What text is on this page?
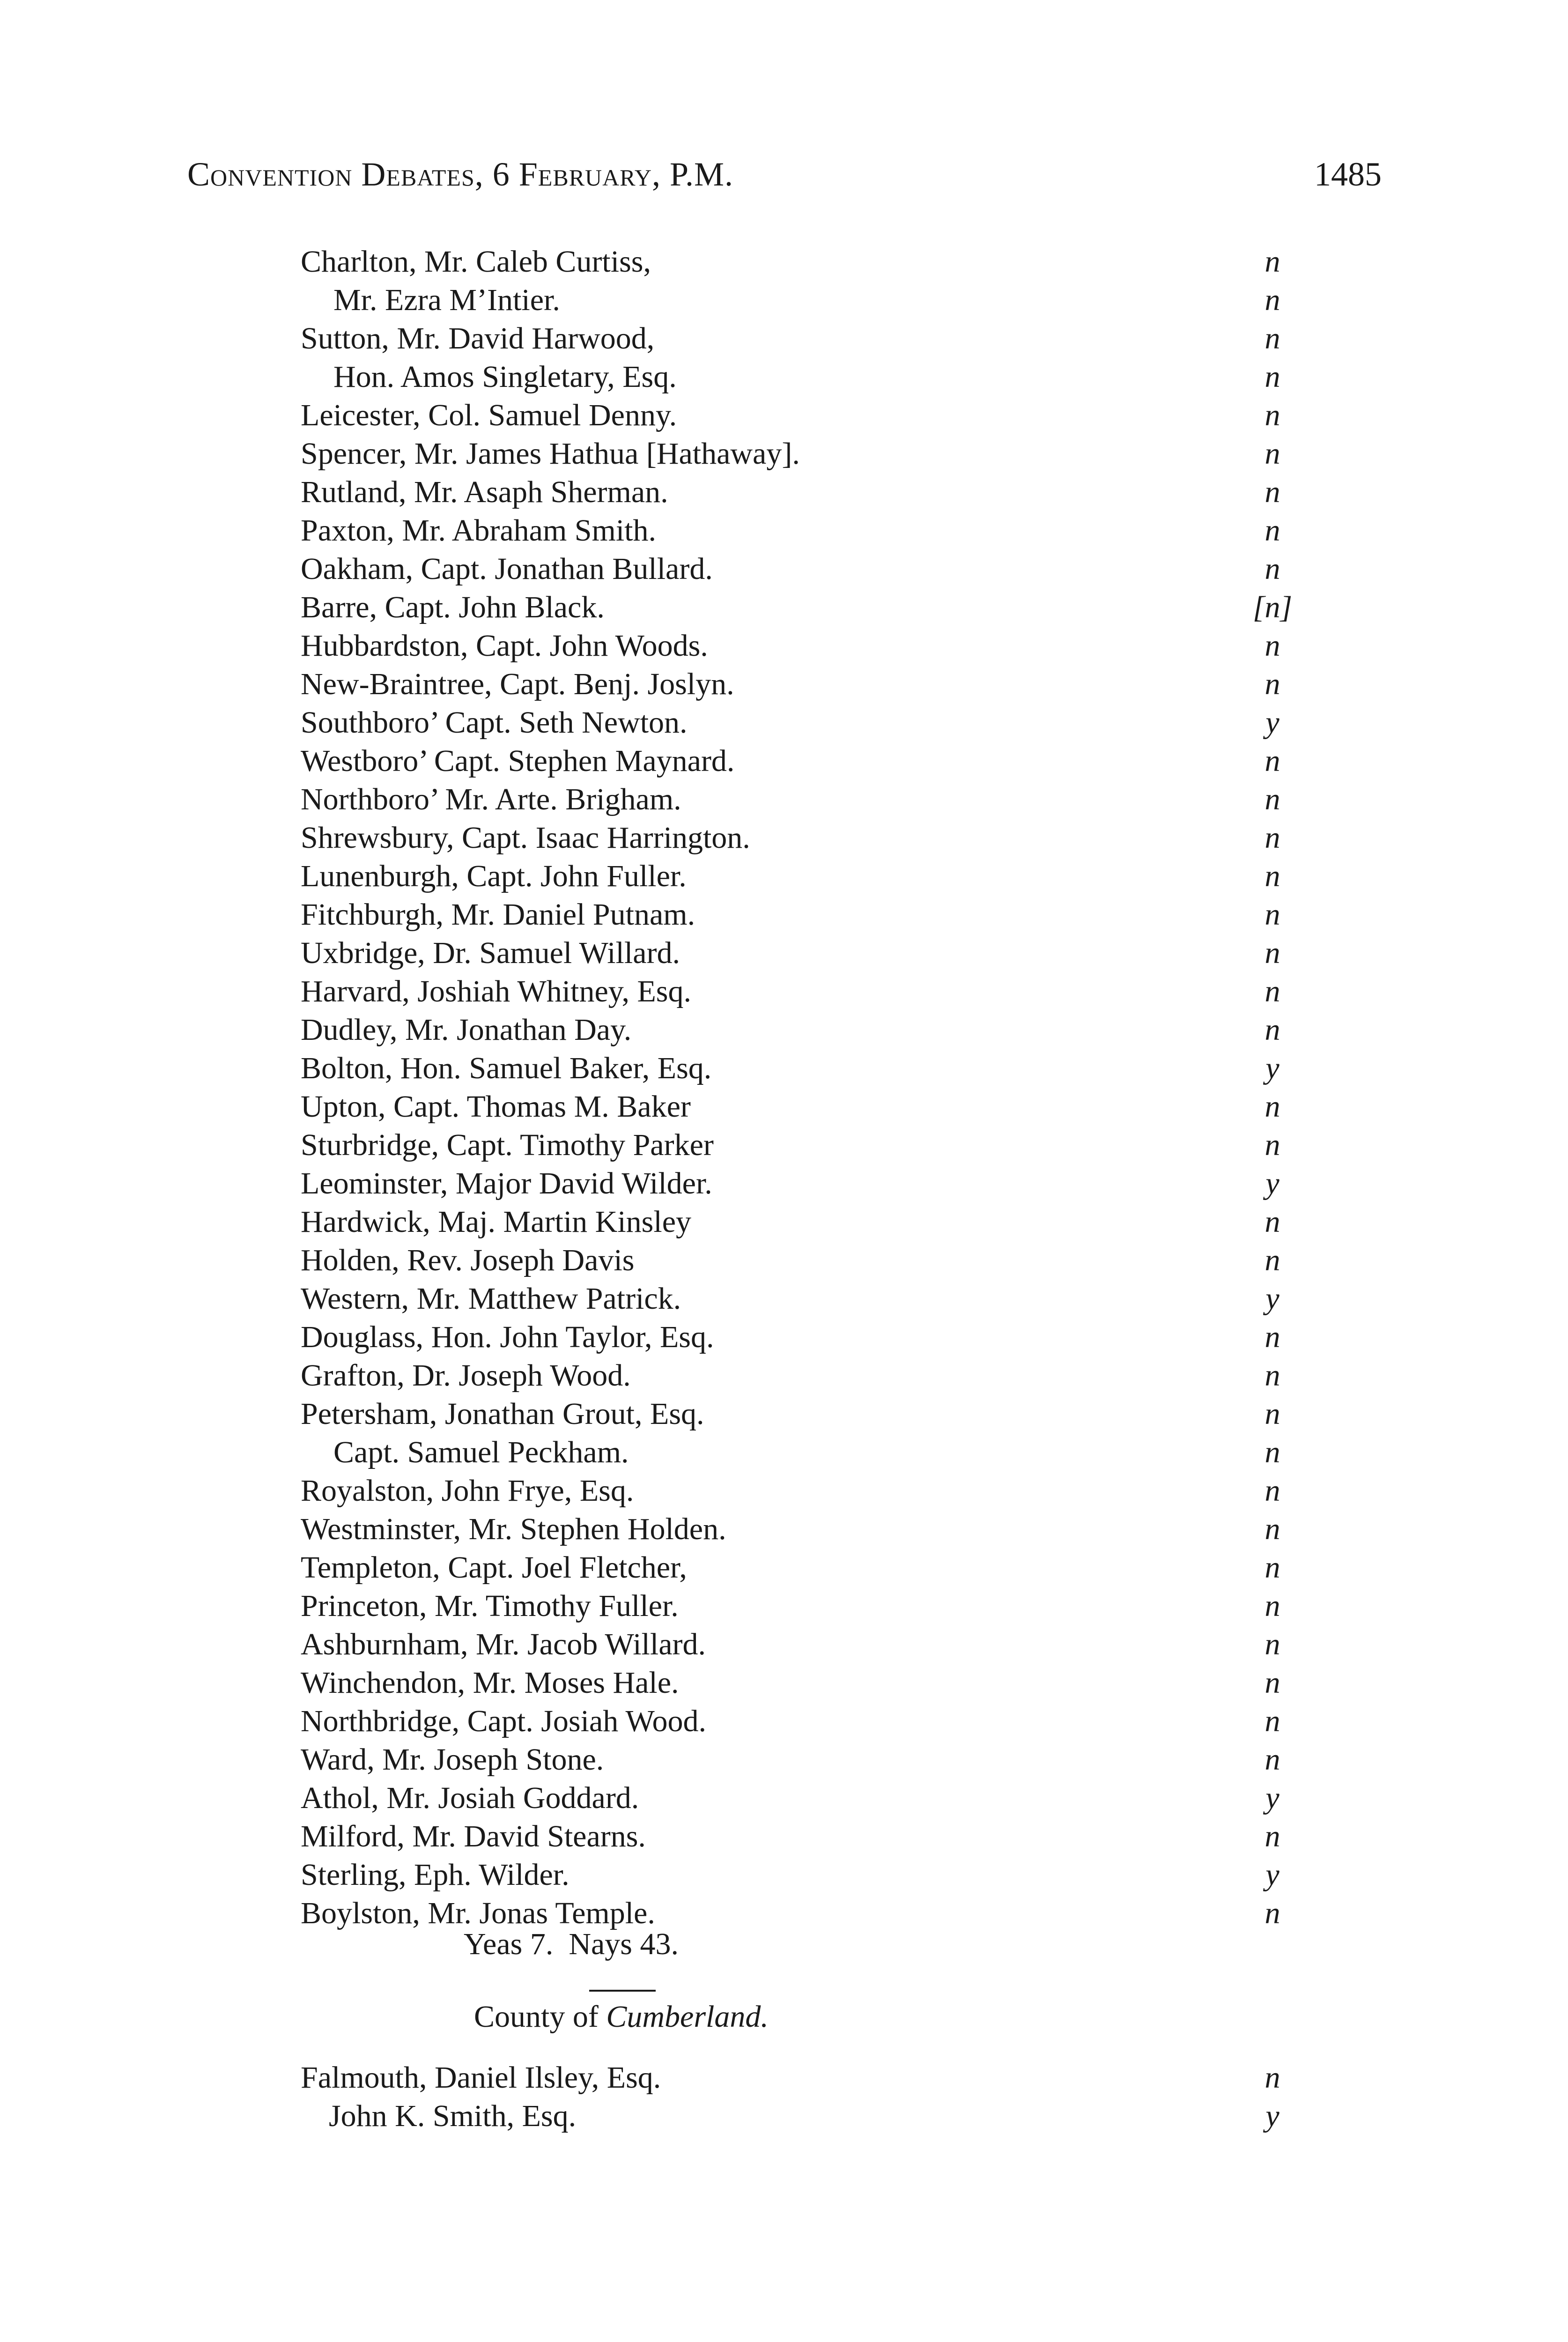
Convention Debates, 6 February, P.M.	1485
Charlton, Mr. Caleb Curtiss,	n
Mr. Ezra M’Intier.	n
Sutton, Mr. David Harwood,	n
Hon. Amos Singletary, Esq.	n
Leicester, Col. Samuel Denny.	n
Spencer, Mr. James Hathua [Hathaway].	n
Rutland, Mr. Asaph Sherman.	n
Paxton, Mr. Abraham Smith.	n
Oakham, Capt. Jonathan Bullard.	n
Barre, Capt. John Black.	[n]
Hubbardston, Capt. John Woods.	n
New-Braintree, Capt. Benj. Joslyn.	n
Southboro’ Capt. Seth Newton.	y
Westboro’ Capt. Stephen Maynard.	n
Northboro’ Mr. Arte. Brigham.	n
Shrewsbury, Capt. Isaac Harrington.	n
Lunenburgh, Capt. John Fuller.	n
Fitchburgh, Mr. Daniel Putnam.	n
Uxbridge, Dr. Samuel Willard.	n
Harvard, Joshiah Whitney, Esq.	n
Dudley, Mr. Jonathan Day.	n
Bolton, Hon. Samuel Baker, Esq.	y
Upton, Capt. Thomas M. Baker	n
Sturbridge, Capt. Timothy Parker	n
Leominster, Major David Wilder.	y
Hardwick, Maj. Martin Kinsley	n
Holden, Rev. Joseph Davis	n
Western, Mr. Matthew Patrick.	y
Douglass, Hon. John Taylor, Esq.	n
Grafton, Dr. Joseph Wood.	n
Petersham, Jonathan Grout, Esq.	n
Capt. Samuel Peckham.	n
Royalston, John Frye, Esq.	n
Westminster, Mr. Stephen Holden.	n
Templeton, Capt. Joel Fletcher,	n
Princeton, Mr. Timothy Fuller.	n
Ashburnham, Mr. Jacob Willard.	n
Winchendon, Mr. Moses Hale.	n
Northbridge, Capt. Josiah Wood.	n
Ward, Mr. Joseph Stone.	n
Athol, Mr. Josiah Goddard.	y
Milford, Mr. David Stearns.	n
Sterling, Eph. Wilder.	y
Boylston, Mr. Jonas Temple.	n
Yeas 7.  Nays 43.
County of Cumberland.
Falmouth, Daniel Ilsley, Esq.	n
John K. Smith, Esq.	y
